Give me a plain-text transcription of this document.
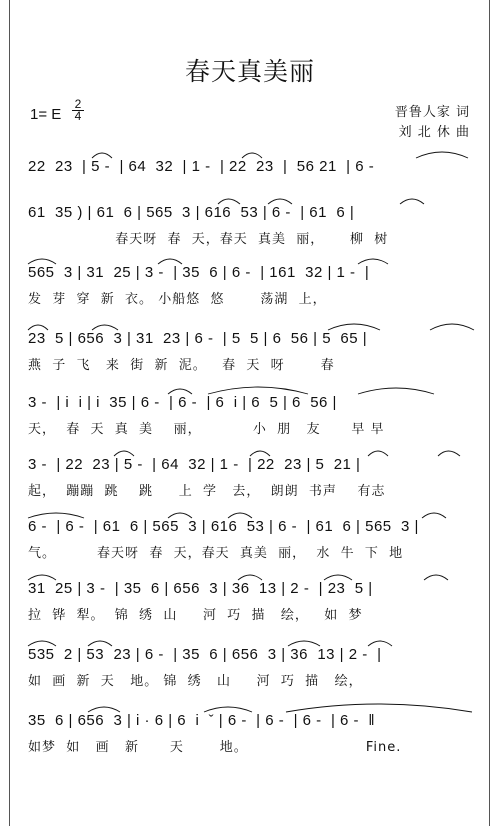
春天真美丽
1= E
2
4	晋鲁人家 词
刘 北 休 曲
22  23  | 5 -  | 64  32  | 1 -  | 22  23  |  56 21  | 6 -
61  35 ) | 61  6 | 565  3 | 616  53 | 6 -  | 61  6 |
春天呀  春  天，春天  真美  丽，     柳  树
565  3 | 31  25 | 3 -  | 35  6 | 6 -  | 161  32 | 1 -  |
发  芽  穿  新  衣。 小船悠  悠       荡湖  上，
23  5 | 656  3 | 31  23 | 6 -  | 5  5 | 6  56 | 5  65 |
燕  子  飞   来  街  新  泥。   春  天  呀       春
3 -  | i  i | i  35 | 6 -  | 6 -  | 6  i | 6  5 | 6  56 |
天，  春  天  真  美    丽，          小  朋   友      早 早
3 -  | 22  23 | 5 -  | 64  32 | 1 -  | 22  23 | 5  21 |
起，  蹦蹦  跳    跳     上  学   去，  朗朗  书声    有志
6 -  | 6 -  | 61  6 | 565  3 | 616  53 | 6 -  | 61  6 | 565  3 |
气。        春天呀  春  天，春天  真美  丽，  水  牛  下  地
31  25 | 3 -  | 35  6 | 656  3 | 36  13 | 2 -  | 23  5 |
拉  铧  犁。  锦  绣  山     河  巧  描   绘，   如  梦
535  2 | 53  23 | 6 -  | 35  6 | 656  3 | 36  13 | 2 -  |
如  画  新  天   地。 锦  绣   山     河  巧  描   绘，
35  6 | 656  3 | i · 6 | 6  i  ˇ | 6 -  | 6 -  | 6 -  | 6 -  ‖
如梦  如   画   新      天       地。                       Fine.
